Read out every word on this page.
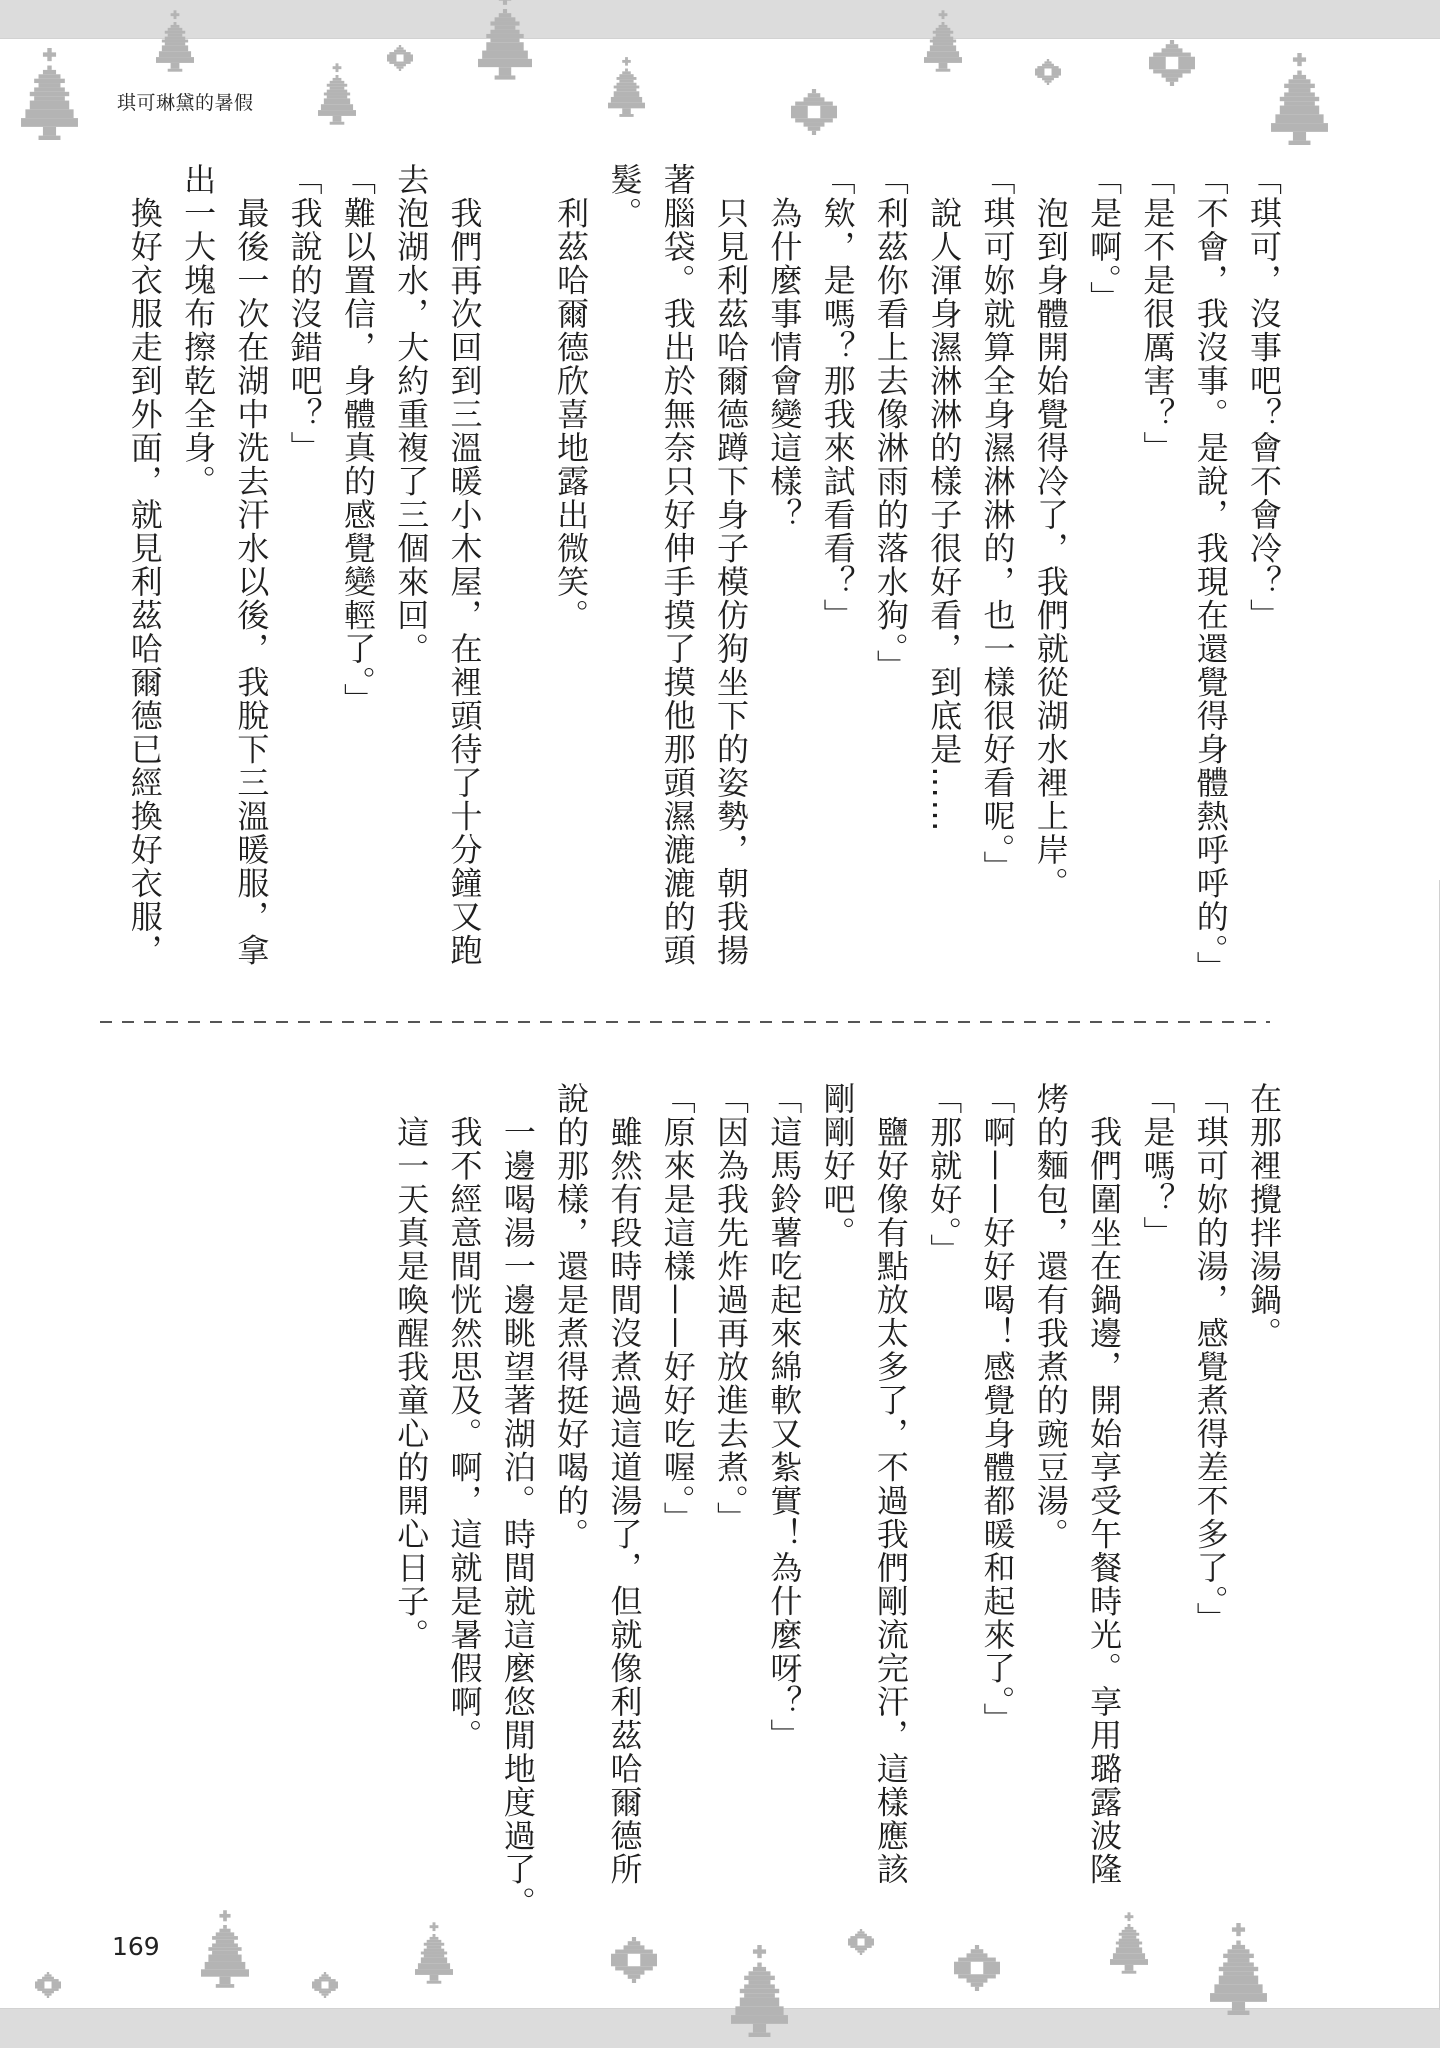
琪可琳黛的暑假
「琪可，沒事吧？會不會冷？」
「不會，我沒事。是說，我現在還覺得身體熱呼呼的。」
「是不是很厲害？」
「是啊。」
　泡到身體開始覺得冷了，我們就從湖水裡上岸。
「琪可妳就算全身濕淋淋的，也一樣很好看呢。」
　說人渾身濕淋淋的樣子很好看，到底是……
「利茲你看上去像淋雨的落水狗。」
「欸，是嗎？那我來試看看？」
　為什麼事情會變這樣？
　只見利茲哈爾德蹲下身子模仿狗坐下的姿勢，朝我揚
著腦袋。我出於無奈只好伸手摸了摸他那頭濕漉漉的頭
髮。
　利茲哈爾德欣喜地露出微笑。
　我們再次回到三溫暖小木屋，在裡頭待了十分鐘又跑
去泡湖水，大約重複了三個來回。
「難以置信，身體真的感覺變輕了。」
「我說的沒錯吧？」
　最後一次在湖中洗去汗水以後，我脫下三溫暖服，拿
出一大塊布擦乾全身。
　換好衣服走到外面，就見利茲哈爾德已經換好衣服，
在那裡攪拌湯鍋。
「琪可妳的湯，感覺煮得差不多了。」
「是嗎？」
　我們圍坐在鍋邊，開始享受午餐時光。享用璐露波隆
烤的麵包，還有我煮的豌豆湯。
「啊——好好喝！感覺身體都暖和起來了。」
「那就好。」
　鹽好像有點放太多了，不過我們剛流完汗，這樣應該
剛剛好吧。
「這馬鈴薯吃起來綿軟又紮實！為什麼呀？」
「因為我先炸過再放進去煮。」
「原來是這樣——好好吃喔。」
　雖然有段時間沒煮過這道湯了，但就像利茲哈爾德所
說的那樣，還是煮得挺好喝的。
　一邊喝湯一邊眺望著湖泊。時間就這麼悠閒地度過了。
　我不經意間恍然思及。啊，這就是暑假啊。
　這一天真是喚醒我童心的開心日子。
169
